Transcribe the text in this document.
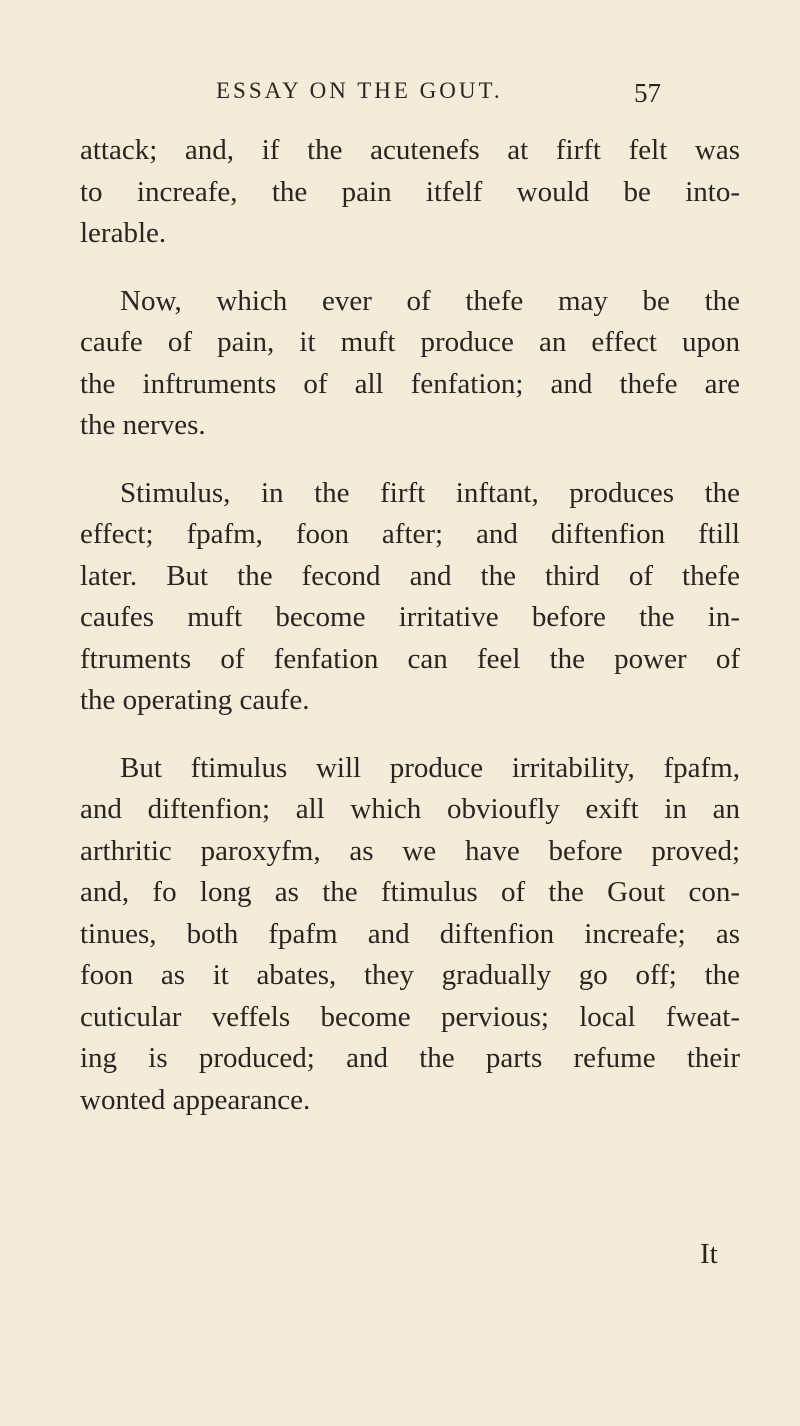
ESSAY ON THE GOUT.	57
attack; and, if the acutenefs at firft felt was
to increafe, the pain itfelf would be into-
lerable.
Now, which ever of thefe may be the
caufe of pain, it muft produce an effect upon
the inftruments of all fenfation; and thefe are
the nerves.
Stimulus, in the firft inftant, produces the
effect; fpafm, foon after; and diftenfion ftill
later. But the fecond and the third of thefe
caufes muft become irritative before the in-
ftruments of fenfation can feel the power of
the operating caufe.
But ftimulus will produce irritability, fpafm,
and diftenfion; all which obvioufly exift in an
arthritic paroxyfm, as we have before proved;
and, fo long as the ftimulus of the Gout con-
tinues, both fpafm and diftenfion increafe; as
foon as it abates, they gradually go off; the
cuticular veffels become pervious; local fweat-
ing is produced; and the parts refume their
wonted appearance.
It
